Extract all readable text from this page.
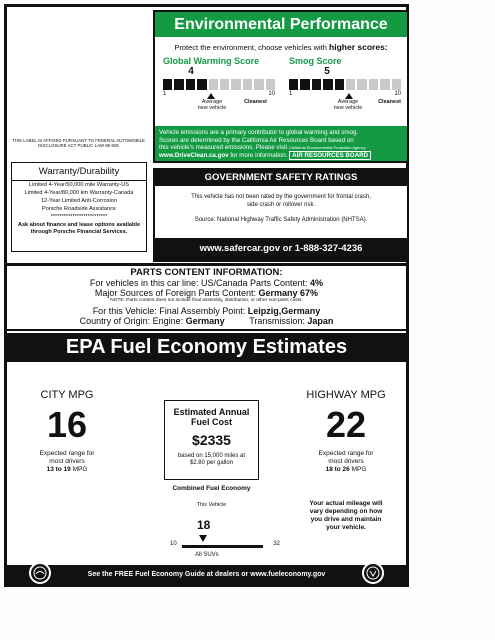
Environmental Performance
Protect the environment, choose vehicles with higher scores:
Global Warming Score
4
1	10
Average
new vehicle
Cleanest
Smog Score
5
1	10
Average
new vehicle
Cleanest
Vehicle emissions are a primary contributor to global warming and smog.
Scores are determined by the California Air Resources Board based on
this vehicle's measured emissions. Please visit California Environmental Protection Agency
www.DriveClean.ca.gov for more information. AIR RESOURCES BOARD
THIS LABEL IS AFFIXED PURSUANT TO FEDERAL AUTOMOBILE DISCLOSURE ACT PUBLIC LAW 85-506
Warranty/Durability

Limited 4-Year/50,000 mile Warranty-US

Limited 4-Year/80,000 km Warranty-Canada

12-Year Limited Anti-Corrosion

Porsche Roadside Assistance

**************************

Ask about finance and lease options available through Porsche Financial Services.
GOVERNMENT SAFETY RATINGS

This vehicle has not been rated by the government for frontal crash, side crash or rollover risk.

Source: National Highway Traffic Safety Administration (NHTSA).

www.safercar.gov or 1-888-327-4236
PARTS CONTENT INFORMATION:
For vehicles in this car line: US/Canada Parts Content: 4%
Major Sources of Foreign Parts Content: Germany 67%
NOTE: Parts content does not include final assembly, distribution, or other non-parts costs.
For this Vehicle: Final Assembly Point: Leipzig,Germany
Country of Origin: Engine: Germany	Transmission: Japan
EPA Fuel Economy Estimates
CITY MPG
16
Expected range for most drivers
13 to 19 MPG
Estimated Annual Fuel Cost
$2335
based on 15,000 miles at $2.80 per gallon
Combined Fuel Economy
This Vehicle
18
10	32
All SUVs
HIGHWAY MPG
22
Expected range for most drivers
18 to 26 MPG
Your actual mileage will vary depending on how you drive and maintain your vehicle.
See the FREE Fuel Economy Guide at dealers or www.fueleconomy.gov
